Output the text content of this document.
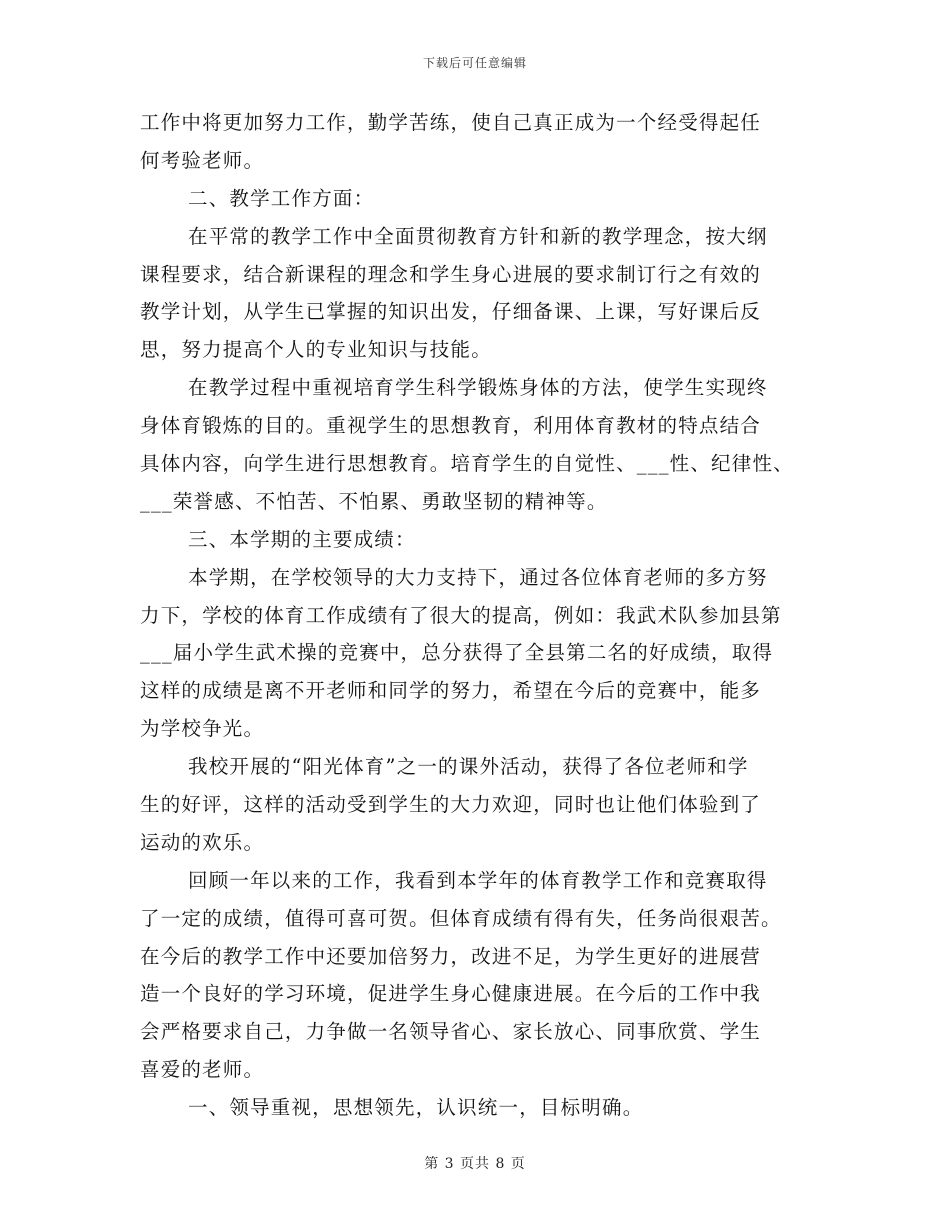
下载后可任意编辑
工作中将更加努力工作，勤学苦练，使自己真正成为一个经受得起任
何考验老师。
二、教学工作方面：
在平常的教学工作中全面贯彻教育方针和新的教学理念，按大纲
课程要求，结合新课程的理念和学生身心进展的要求制订行之有效的
教学计划，从学生已掌握的知识出发，仔细备课、上课，写好课后反
思，努力提高个人的专业知识与技能。
在教学过程中重视培育学生科学锻炼身体的方法，使学生实现终
身体育锻炼的目的。重视学生的思想教育，利用体育教材的特点结合
具体内容，向学生进行思想教育。培育学生的自觉性、___性、纪律性、
___荣誉感、不怕苦、不怕累、勇敢坚韧的精神等。
三、本学期的主要成绩：
本学期，在学校领导的大力支持下，通过各位体育老师的多方努
力下，学校的体育工作成绩有了很大的提高，例如：我武术队参加县第
___届小学生武术操的竞赛中，总分获得了全县第二名的好成绩，取得
这样的成绩是离不开老师和同学的努力，希望在今后的竞赛中，能多
为学校争光。
我校开展的“阳光体育”之一的课外活动，获得了各位老师和学
生的好评，这样的活动受到学生的大力欢迎，同时也让他们体验到了
运动的欢乐。
回顾一年以来的工作，我看到本学年的体育教学工作和竞赛取得
了一定的成绩，值得可喜可贺。但体育成绩有得有失，任务尚很艰苦。
在今后的教学工作中还要加倍努力，改进不足，为学生更好的进展营
造一个良好的学习环境，促进学生身心健康进展。在今后的工作中我
会严格要求自己，力争做一名领导省心、家长放心、同事欣赏、学生
喜爱的老师。
一、领导重视，思想领先，认识统一，目标明确。
第 3 页共 8 页
